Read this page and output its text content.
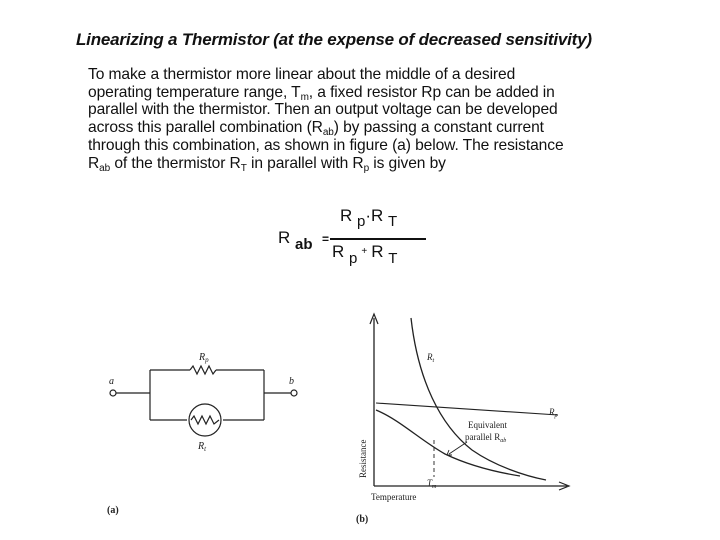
Linearizing a Thermistor (at the expense of decreased sensitivity)
To make a thermistor more linear about the middle of a desired
operating temperature range, $T_m$, a fixed resistor Rp can be added in
parallel with the thermistor. Then an output voltage can be developed
across this parallel combination $(R_{ab})$ by passing a constant current
through this combination, as shown in figure (a) below. The resistance
$R_{ab}$ of the thermistor $R_T$ in parallel with $R_p$ is given by
R $_{ab}$ =
R $_p$·R $_T$
R $_p$ + R $_T$
a	b
$R_p$
$R_t$
(a)
$R_t$
$R_p$
Equivalent
parallel $R_{ab}$
$T_m$
Temperature
Resistance
(b)
